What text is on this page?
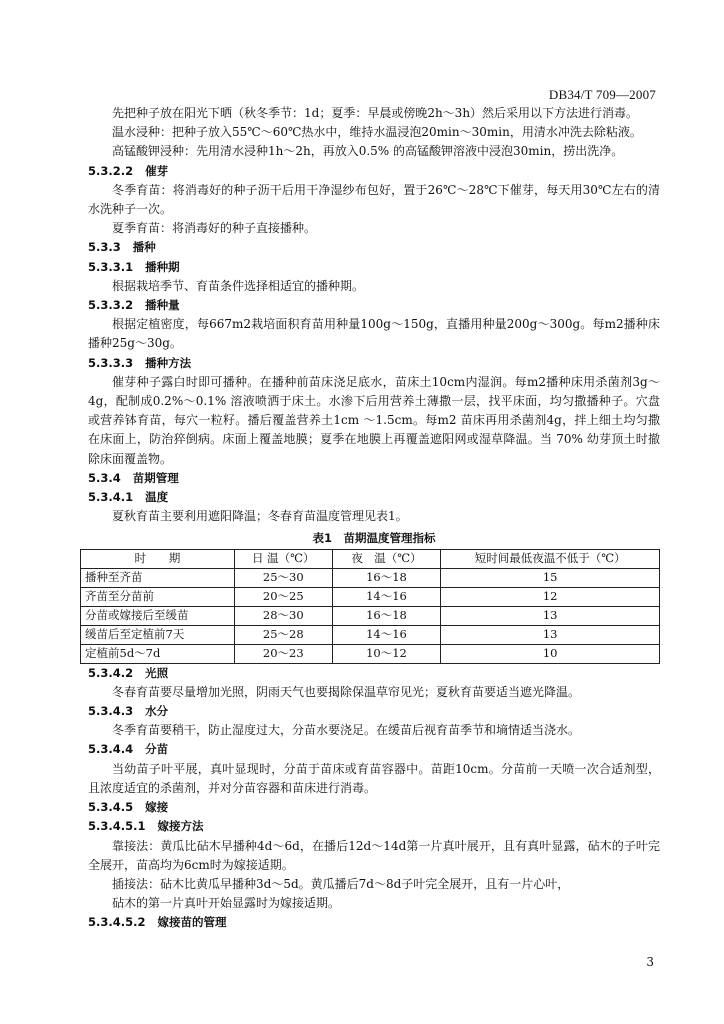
DB34/T 709—2007

先把种子放在阳光下晒（秋冬季节：1d；夏季：早晨或傍晚2h～3h）然后采用以下方法进行消毒。

温水浸种：把种子放入55℃～60℃热水中，维持水温浸泡20min～30min，用清水冲洗去除粘液。

高锰酸钾浸种：先用清水浸种1h～2h，再放入0.5% 的高锰酸钾溶液中浸泡30min，捞出洗净。

5.3.2.2 催芽

冬季育苗：将消毒好的种子沥干后用干净湿纱布包好，置于26℃～28℃下催芽，每天用30℃左右的清水洗种子一次。

夏季育苗：将消毒好的种子直接播种。

5.3.3 播种
5.3.3.1 播种期

根据栽培季节、育苗条件选择相适宜的播种期。

5.3.3.2 播种量

根据定植密度，每667m2栽培面积育苗用种量100g～150g，直播用种量200g～300g。每m2播种床播种25g～30g。

5.3.3.3 播种方法

催芽种子露白时即可播种。在播种前苗床浇足底水，苗床土10cm内湿润。每m2播种床用杀菌剂3g～4g，配制成0.2%～0.1% 溶液喷洒于床土。水渗下后用营养土薄撒一层，找平床面，均匀撒播种子。穴盘或营养钵育苗，每穴一粒籽。播后覆盖营养土1cm ～1.5cm。每m2 苗床再用杀菌剂4g，拌上细土均匀撒在床面上，防治猝倒病。床面上覆盖地膜；夏季在地膜上再覆盖遮阳网或湿草降温。当 70% 幼芽顶土时撤除床面覆盖物。

5.3.4 苗期管理
5.3.4.1 温度

夏秋育苗主要利用遮阳降温；冬春育苗温度管理见表1。

表1　苗期温度管理指标
时　　期	日 温（℃）	夜　温（℃）	短时间最低夜温不低于（℃）
播种至齐苗	25～30	16～18	15
齐苗至分苗前	20～25	14～16	12
分苗或嫁接后至缓苗	28～30	16～18	13
缓苗后至定植前7天	25～28	14～16	13
定植前5d～7d	20～23	10～12	10
5.3.4.2 光照

冬春育苗要尽量增加光照，阴雨天气也要揭除保温草帘见光；夏秋育苗要适当遮光降温。

5.3.4.3 水分

冬季育苗要稍干，防止湿度过大，分苗水要浇足。在缓苗后视育苗季节和墒情适当浇水。

5.3.4.4 分苗

当幼苗子叶平展，真叶显现时，分苗于苗床或育苗容器中。苗距10cm。分苗前一天喷一次合适剂型，且浓度适宜的杀菌剂，并对分苗容器和苗床进行消毒。

5.3.4.5 嫁接
5.3.4.5.1 嫁接方法

靠接法：黄瓜比砧木早播种4d～6d，在播后12d～14d第一片真叶展开，且有真叶显露，砧木的子叶完全展开，苗高均为6cm时为嫁接适期。

插接法：砧木比黄瓜早播种3d～5d。黄瓜播后7d～8d子叶完全展开，且有一片心叶，

砧木的第一片真叶开始显露时为嫁接适期。

5.3.4.5.2 嫁接苗的管理
3
